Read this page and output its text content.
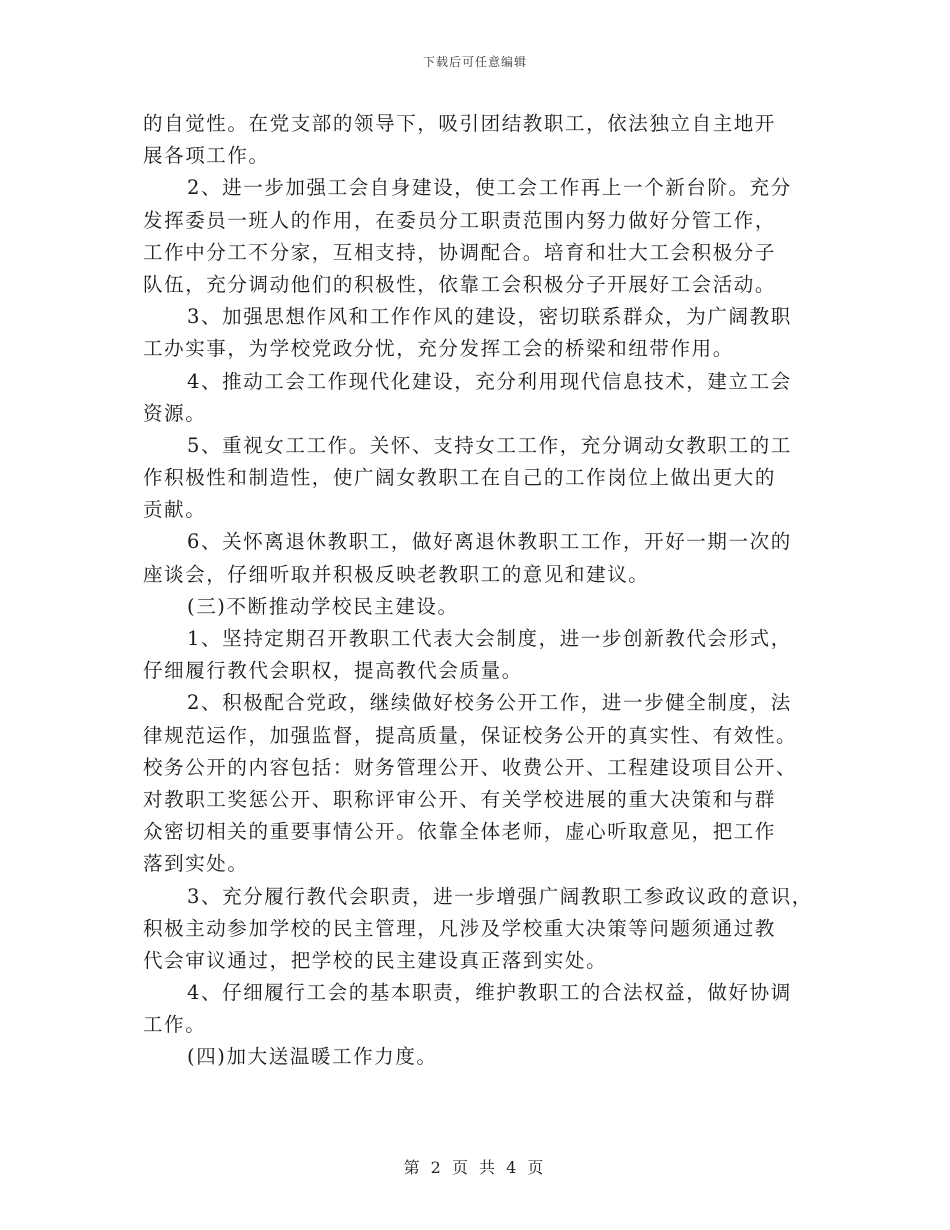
下载后可任意编辑
的自觉性。在党支部的领导下，吸引团结教职工，依法独立自主地开
展各项工作。
2、进一步加强工会自身建设，使工会工作再上一个新台阶。充分
发挥委员一班人的作用，在委员分工职责范围内努力做好分管工作，
工作中分工不分家，互相支持，协调配合。培育和壮大工会积极分子
队伍，充分调动他们的积极性，依靠工会积极分子开展好工会活动。
3、加强思想作风和工作作风的建设，密切联系群众，为广阔教职
工办实事，为学校党政分忧，充分发挥工会的桥梁和纽带作用。
4、推动工会工作现代化建设，充分利用现代信息技术，建立工会
资源。
5、重视女工工作。关怀、支持女工工作，充分调动女教职工的工
作积极性和制造性，使广阔女教职工在自己的工作岗位上做出更大的
贡献。
6、关怀离退休教职工，做好离退休教职工工作，开好一期一次的
座谈会，仔细听取并积极反映老教职工的意见和建议。
(三)不断推动学校民主建设。
1、坚持定期召开教职工代表大会制度，进一步创新教代会形式，
仔细履行教代会职权，提高教代会质量。
2、积极配合党政，继续做好校务公开工作，进一步健全制度，法
律规范运作，加强监督，提高质量，保证校务公开的真实性、有效性。
校务公开的内容包括：财务管理公开、收费公开、工程建设项目公开、
对教职工奖惩公开、职称评审公开、有关学校进展的重大决策和与群
众密切相关的重要事情公开。依靠全体老师，虚心听取意见，把工作
落到实处。
3、充分履行教代会职责，进一步增强广阔教职工参政议政的意识，
积极主动参加学校的民主管理，凡涉及学校重大决策等问题须通过教
代会审议通过，把学校的民主建设真正落到实处。
4、仔细履行工会的基本职责，维护教职工的合法权益，做好协调
工作。
(四)加大送温暖工作力度。
第 2 页 共 4 页
